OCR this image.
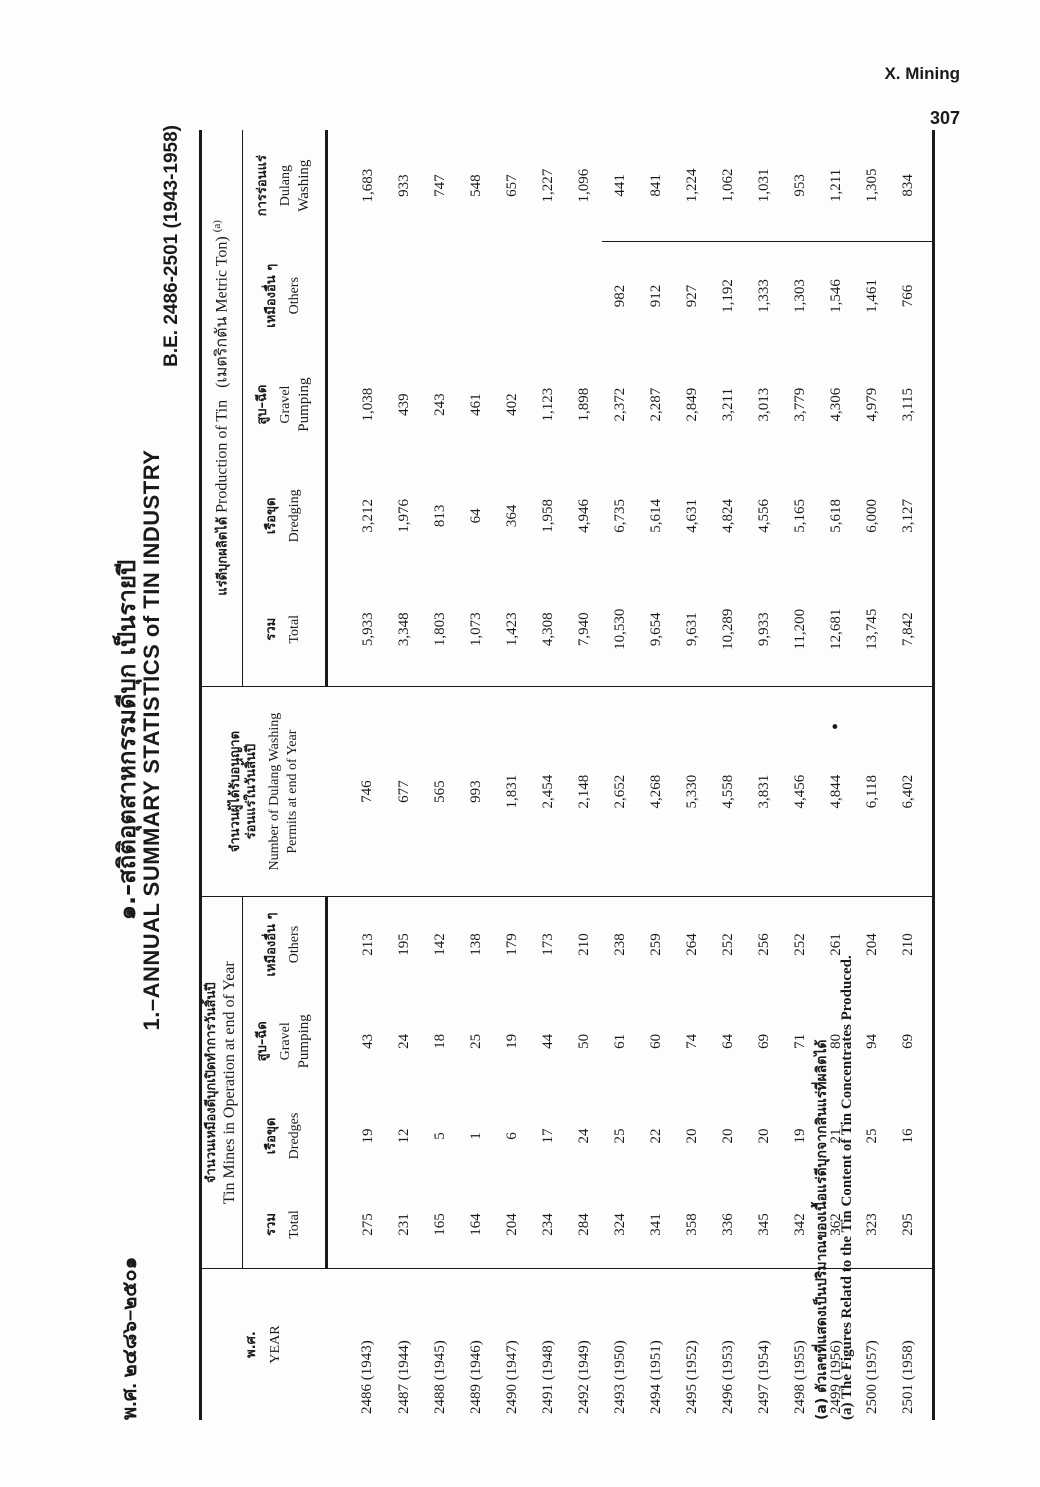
X. Mining
307
พ.ศ. ๒๔๘๖–๒๕๐๑
๑.–สถิติอุตสาหกรรมดีบุก เป็นรายปี
1.–ANNUAL SUMMARY STATISTICS of TIN INDUSTRY
B.E. 2486-2501 (1943-1958)
พ.ศ. YEAR	จำนวนเหมืองดีบุกเปิดทำการวันสิ้นปี Tin Mines in Operation at end of Year				จำนวนผู้ได้รับอนุญาต ร่อนแร่ในวันสิ้นปี Number of Dulang Washing Permits at end of Year	แร่ดีบุกผลิตได้ Production of Tin   (เมตริกตัน Metric Ton) $^{(a)}$

	รวม Total	เรือขุด Dredges	สูบ–ฉีด Gravel Pumping	เหมืองอื่น ๆ Others		รวม Total	เรือขุด Dredging	สูบ–ฉีด Gravel Pumping	เหมืองอื่น ๆ Others	การร่อนแร่ Dulang Washing

2486 (1943)	275	19	43	213	746	5,933	3,212	1,038		1,683
2487 (1944)	231	12	24	195	677	3,348	1,976	439		933
2488 (1945)	165	5	18	142	565	1,803	813	243		747
2489 (1946)	164	1	25	138	993	1,073	64	461		548
2490 (1947)	204	6	19	179	1,831	1,423	364	402		657
2491 (1948)	234	17	44	173	2,454	4,308	1,958	1,123		1,227
2492 (1949)	284	24	50	210	2,148	7,940	4,946	1,898		1,096
2493 (1950)	324	25	61	238	2,652	10,530	6,735	2,372	982	441
2494 (1951)	341	22	60	259	4,268	9,654	5,614	2,287	912	841
2495 (1952)	358	20	74	264	5,330	9,631	4,631	2,849	927	1,224
2496 (1953)	336	20	64	252	4,558	10,289	4,824	3,211	1,192	1,062
2497 (1954)	345	20	69	256	3,831	9,933	4,556	3,013	1,333	1,031
2498 (1955)	342	19	71	252	4,456	11,200	5,165	3,779	1,303	953
2499 (1956)	362	21	80	261	4,844	12,681	5,618	4,306	1,546	1,211
2500 (1957)	323	25	94	204	6,118	13,745	6,000	4,979	1,461	1,305
2501 (1958)	295	16	69	210	6,402	7,842	3,127	3,115	766	834
(a) ตัวเลขที่แสดงเป็นปริมาณของเนื้อแร่ดีบุกจากสินแร่ที่ผลิตได้ (a) The Figures Relatd to the Tin Content of Tin Concentrates Produced.
•
